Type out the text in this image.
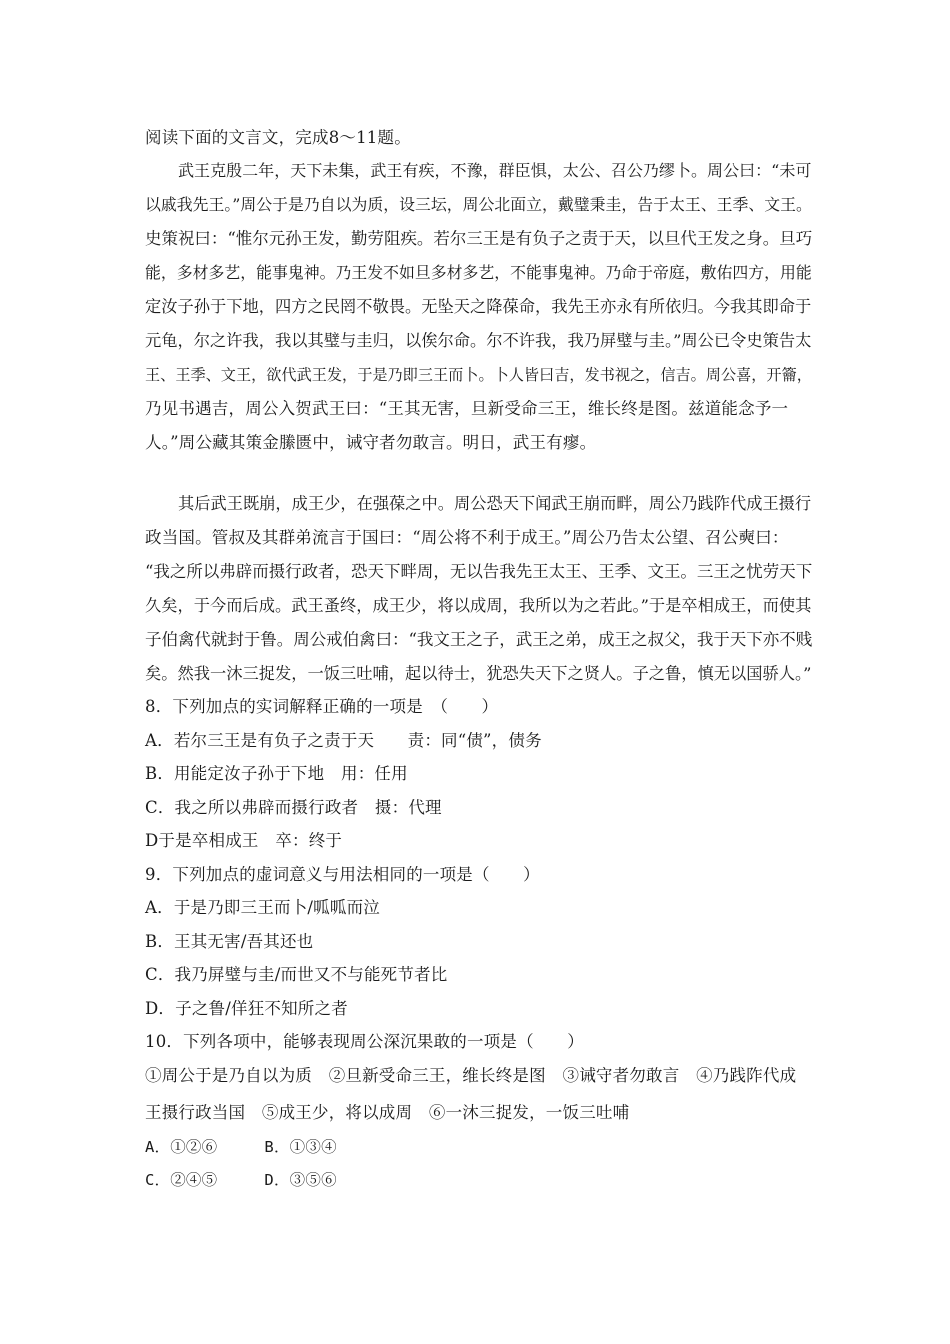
阅读下面的文言文，完成8～11题。
武王克殷二年，天下未集，武王有疾，不豫，群臣惧，太公、召公乃缪卜。周公曰：“未可
以戚我先王。”周公于是乃自以为质，设三坛，周公北面立，戴璧秉圭，告于太王、王季、文王。
史策祝曰：“惟尔元孙王发，勤劳阻疾。若尔三王是有负子之责于天，以旦代王发之身。旦巧
能，多材多艺，能事鬼神。乃王发不如旦多材多艺，不能事鬼神。乃命于帝庭，敷佑四方，用能
定汝子孙于下地，四方之民罔不敬畏。无坠天之降葆命，我先王亦永有所依归。今我其即命于
元龟，尔之许我，我以其璧与圭归，以俟尔命。尔不许我，我乃屏璧与圭。”周公已令史策告太
王、王季、文王，欲代武王发，于是乃即三王而卜。卜人皆曰吉，发书视之，信吉。周公喜，开籥，
乃见书遇吉，周公入贺武王曰：“王其无害，旦新受命三王，维长终是图。兹道能念予一
人。”周公藏其策金縢匮中，诫守者勿敢言。明日，武王有瘳。
其后武王既崩，成王少，在强葆之中。周公恐天下闻武王崩而畔，周公乃践阼代成王摄行
政当国。管叔及其群弟流言于国曰：“周公将不利于成王。”周公乃告太公望、召公奭曰：
“我之所以弗辟而摄行政者，恐天下畔周，无以告我先王太王、王季、文王。三王之忧劳天下
久矣，于今而后成。武王蚤终，成王少，将以成周，我所以为之若此。”于是卒相成王，而使其
子伯禽代就封于鲁。周公戒伯禽曰：“我文王之子，武王之弟，成王之叔父，我于天下亦不贱
矣。然我一沐三捉发，一饭三吐哺，起以待士，犹恐失天下之贤人。子之鲁，慎无以国骄人。”
8．下列加点的实词解释正确的一项是　（　　）
A．若尔三王是有负子之责于天　　责：同“债”，债务
B．用能定汝子孙于下地　用：任用
C．我之所以弗辟而摄行政者　摄：代理
D于是卒相成王　卒：终于
9．下列加点的虚词意义与用法相同的一项是（　　）
A．于是乃即三王而卜/呱呱而泣
B．王其无害/吾其还也
C．我乃屏璧与圭/而世又不与能死节者比
D．子之鲁/佯狂不知所之者
10．下列各项中，能够表现周公深沉果敢的一项是（　　）
①周公于是乃自以为质　②旦新受命三王，维长终是图　③诫守者勿敢言　④乃践阼代成
王摄行政当国　⑤成王少，将以成周　⑥一沐三捉发，一饭三吐哺
A．①②⑥　　　B．①③④
C．②④⑤　　　D．③⑤⑥
